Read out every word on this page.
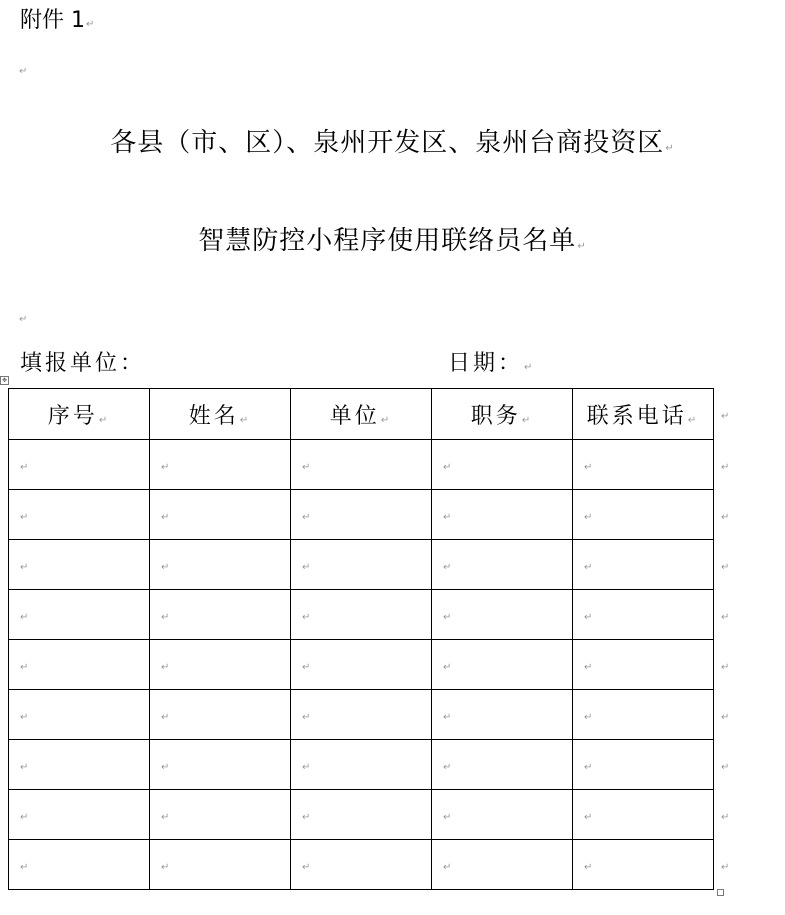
附件 1↵
↵
各县（市、区）、泉州开发区、泉州台商投资区↵
智慧防控小程序使用联络员名单↵
↵
填报单位：	日期：↵
✥
序号↵	姓名↵	单位↵	职务↵	联系电话↵
↵	↵	↵	↵	↵
↵	↵	↵	↵	↵
↵	↵	↵	↵	↵
↵	↵	↵	↵	↵
↵	↵	↵	↵	↵
↵	↵	↵	↵	↵
↵	↵	↵	↵	↵
↵	↵	↵	↵	↵
↵	↵	↵	↵	↵
↵
↵
↵
↵
↵
↵
↵
↵
↵
↵
